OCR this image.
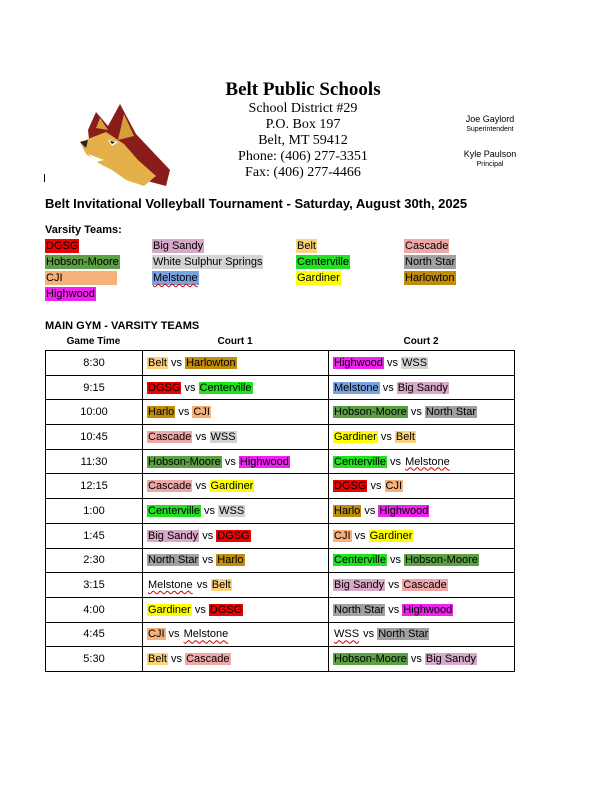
Belt Public Schools
School District #29
P.O. Box 197
Belt, MT 59412
Phone: (406) 277-3351
Fax: (406) 277-4466
Joe Gaylord
Superintendent
Kyle Paulson
Principal
Belt Invitational Volleyball Tournament - Saturday, August 30th, 2025
Varsity Teams:
DGSG	Big Sandy	Belt	Cascade
Hobson-Moore	White Sulphur Springs	Centerville	North Star
CJI	Melstone	Gardiner	Harlowton
Highwood
MAIN GYM - VARSITY TEAMS
Game Time	Court 1	Court 2
8:30	Belt vs Harlowton	Highwood vs WSS
9:15	DGSG vs Centerville	Melstone vs Big Sandy
10:00	Harlo vs CJI	Hobson-Moore vs North Star
10:45	Cascade vs WSS	Gardiner vs Belt
11:30	Hobson-Moore vs Highwood	Centerville vs Melstone
12:15	Cascade vs Gardiner	DGSG vs CJI
1:00	Centerville vs WSS	Harlo vs Highwood
1:45	Big Sandy vs DGSG	CJI vs Gardiner
2:30	North Star vs Harlo	Centerville vs Hobson-Moore
3:15	Melstone vs Belt	Big Sandy vs Cascade
4:00	Gardiner vs DGSG	North Star vs Highwood
4:45	CJI vs Melstone	WSS vs North Star
5:30	Belt vs Cascade	Hobson-Moore vs Big Sandy
